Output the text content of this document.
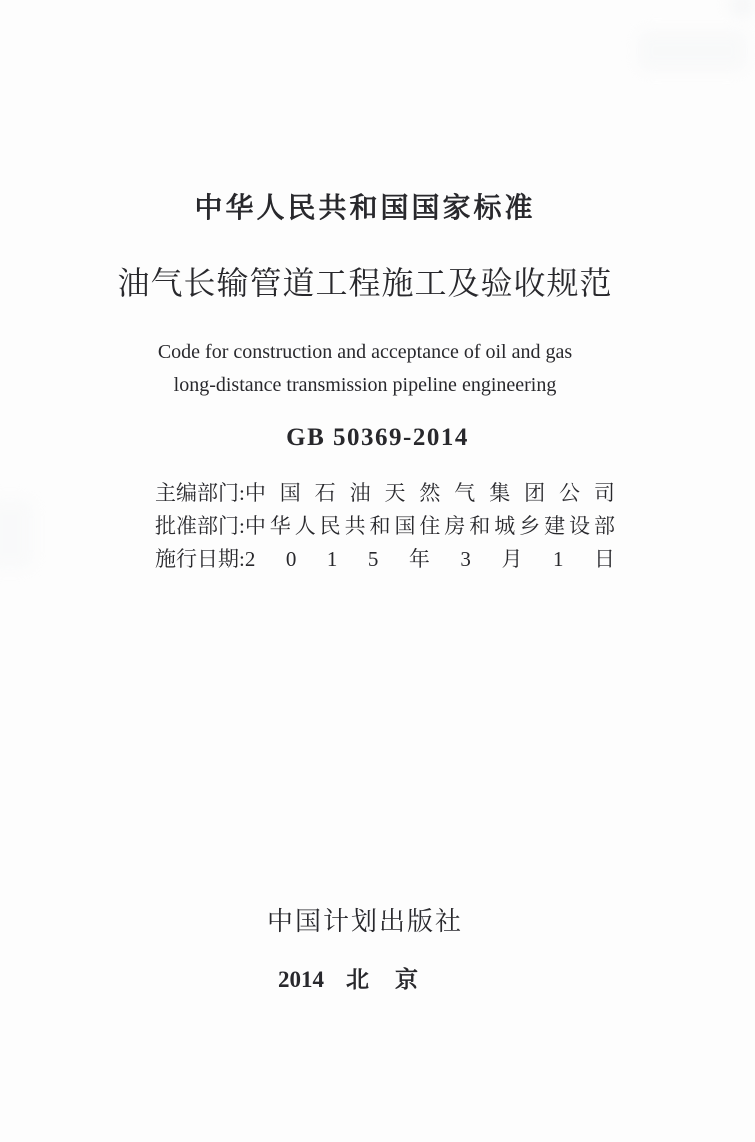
中华人民共和国国家标准
油气长输管道工程施工及验收规范
Code for construction and acceptance of oil and gas
long-distance transmission pipeline engineering
GB 50369-2014
主编部门: 中 国 石 油 天 然 气 集 团 公 司
批准部门: 中 华 人 民 共 和 国 住 房 和 城 乡 建 设 部
施行日期: 2 0 1 5 年 3 月 1 日
中国计划出版社
2014 北 京
